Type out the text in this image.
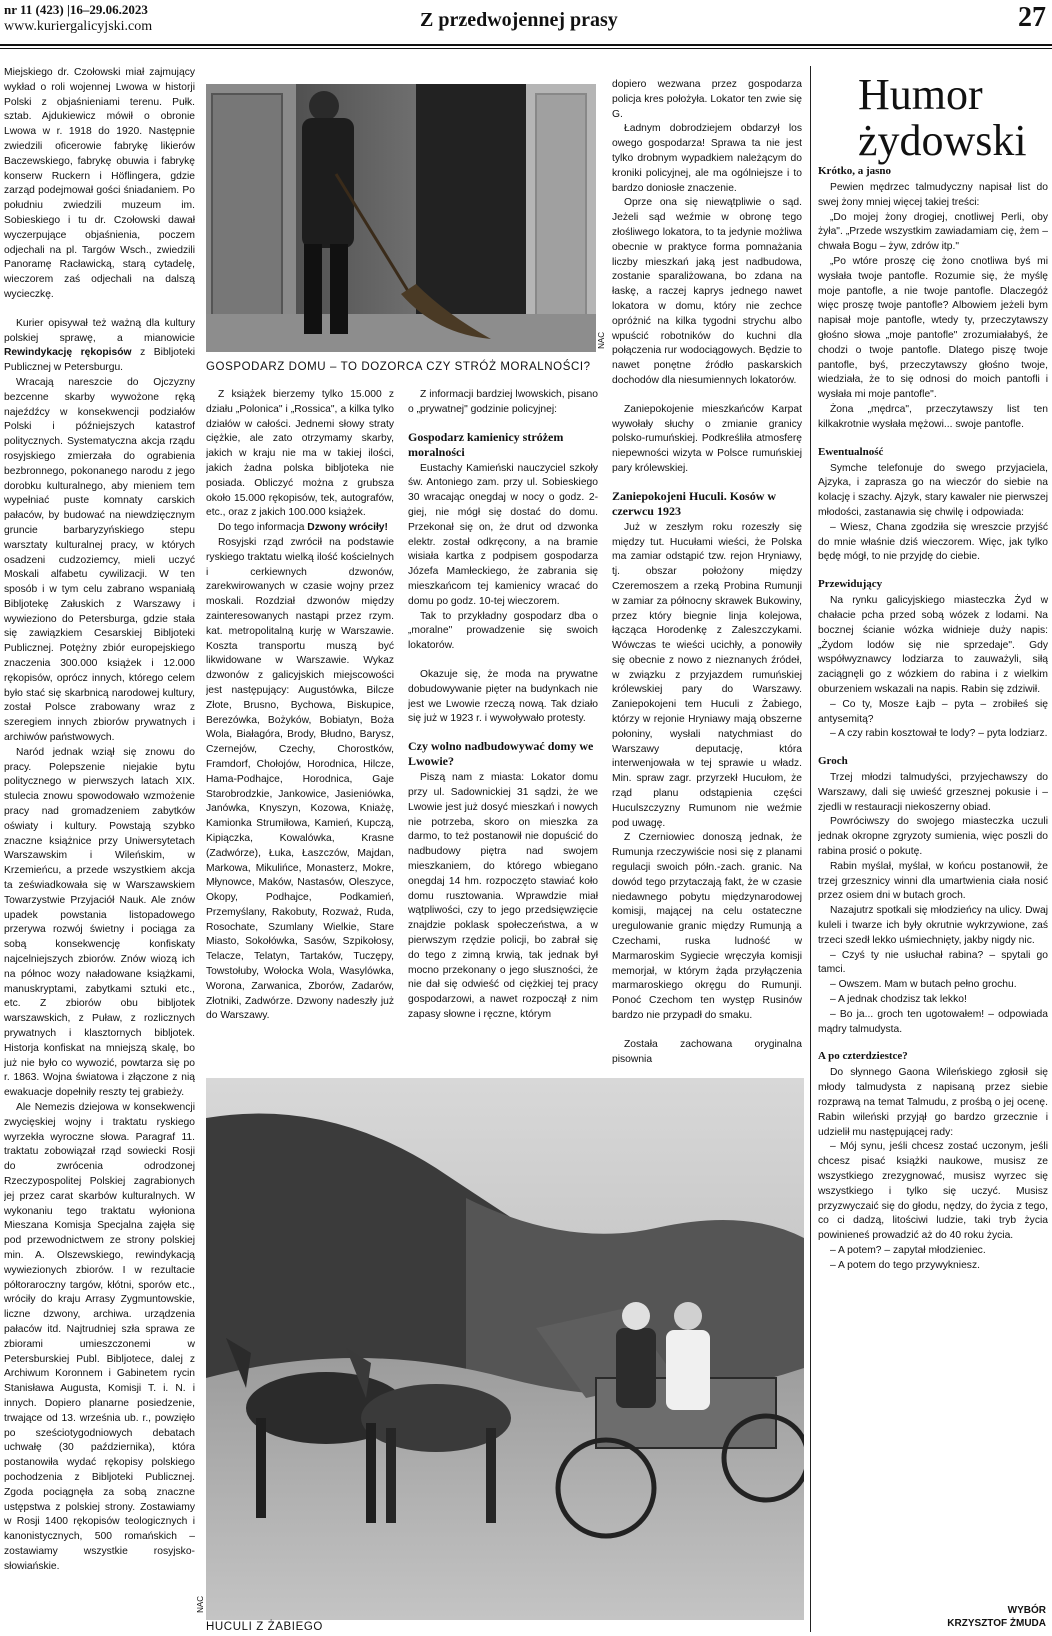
nr 11 (423) |16–29.06.2023
www.kuriergalicyjski.com	Z przedwojennej prasy	27

Miejskiego dr. Czołowski miał zajmujący wykład o roli wojennej Lwowa w historji Polski z objaśnieniami terenu. Pułk. sztab. Ajdukiewicz mówił o obronie Lwowa w r. 1918 do 1920. Następnie zwiedzili oficerowie fabrykę likierów Baczewskiego, fabrykę obuwia i fabrykę konserw Ruckern i Höflingera, gdzie zarząd podejmował gości śniadaniem. Po południu zwiedzili muzeum im. Sobieskiego i tu dr. Czołowski dawał wyczerpujące objaśnienia, poczem odjechali na pl. Targów Wsch., zwiedzili Panoramę Racławicką, starą cytadelę, wieczorem zaś odjechali na dalszą wycieczkę.

Kurier opisywał też ważną dla kultury polskiej sprawę, a mianowicie Rewindykację rękopisów z Bibljoteki Publicznej w Petersburgu.

Wracają nareszcie do Ojczyzny bezcenne skarby wywożone ręką najeźdźcy w konsekwencji podziałów Polski i późniejszych katastrof politycznych. Systematyczna akcja rządu rosyjskiego zmierzała do ograbienia bezbronnego, pokonanego narodu z jego dorobku kulturalnego, aby mieniem tem wypełniać puste komnaty carskich pałaców, by budować na niewdzięcznym gruncie barbaryzyńskiego stepu warsztaty kulturalnej pracy, w których osadzeni cudzoziemcy, mieli uczyć Moskali alfabetu cywilizacji. W ten sposób i w tym celu zabrano wspaniałą Bibljotekę Załuskich z Warszawy i wywieziono do Petersburga, gdzie stała się zawiązkiem Cesarskiej Bibljoteki Publicznej. Potężny zbiór europejskiego znaczenia 300.000 książek i 12.000 rękopisów, oprócz innych, którego celem było stać się skarbnicą narodowej kultury, został Polsce zrabowany wraz z szeregiem innych zbiorów prywatnych i archiwów państwowych.

Naród jednak wziął się znowu do pracy. Polepszenie niejakie bytu politycznego w pierwszych latach XIX. stulecia znowu spowodowało wzmożenie pracy nad gromadzeniem zabytków oświaty i kultury. Powstają szybko znaczne książnice przy Uniwersytetach Warszawskim i Wileńskim, w Krzemieńcu, a przede wszystkiem akcja ta zeświadkowała się w Warszawskiem Towarzystwie Przyjaciół Nauk. Ale znów upadek powstania listopadowego przerywa rozwój świetny i pociąga za sobą konsekwencję konfiskaty najcelniejszych zbiorów. Znów wiozą ich na północ wozy naładowane książkami, manuskryptami, zabytkami sztuki etc., etc. Z zbiorów obu bibljotek warszawskich, z Puław, z rozlicznych prywatnych i klasztornych bibljotek. Historja konfiskat na mniejszą skalę, bo już nie było co wywozić, powtarza się po r. 1863. Wojna światowa i złączone z nią ewakuacje dopełniły reszty tej grabieży.

Ale Nemezis dziejowa w konsekwencji zwycięskiej wojny i traktatu ryskiego wyrzekła wyroczne słowa. Paragraf 11. traktatu zobowiązał rząd sowiecki Rosji do zwrócenia odrodzonej Rzeczypospolitej Polskiej zagrabionych jej przez carat skarbów kulturalnych. W wykonaniu tego traktatu wyłoniona Mieszana Komisja Specjalna zajęła się pod przewodnictwem ze strony polskiej min. A. Olszewskiego, rewindykacją wywiezionych zbiorów. I w rezultacie półtoraroczny targów, kłótni, sporów etc., wróciły do kraju Arrasy Zygmuntowskie, liczne dzwony, archiwa. urządzenia pałaców itd. Najtrudniej szła sprawa ze zbiorami umieszczonemi w Petersburskiej Publ. Bibljotece, dalej z Archiwum Koronnem i Gabinetem rycin Stanisława Augusta, Komisji T. i. N. i innych. Dopiero planarne posiedzenie, trwające od 13. września ub. r., powzięło po sześciotygodniowych debatach uchwałę (30 października), która postanowiła wydać rękopisy polskiego pochodzenia z Bibljoteki Publicznej. Zgoda pociągnęła za sobą znaczne ustępstwa z polskiej strony. Zostawiamy w Rosji 1400 rękopisów teologicznych i kanonistycznych, 500 romańskich – zostawiamy wszystkie rosyjsko-słowiańskie.

NAC
GOSPODARZ DOMU – TO DOZORCA CZY STRÓŻ MORALNOŚCI?

Z książek bierzemy tylko 15.000 z działu „Polonica" i „Rossica", a kilka tylko działów w całości. Jednemi słowy straty ciężkie, ale zato otrzymamy skarby, jakich w kraju nie ma w takiej ilości, jakich żadna polska bibljoteka nie posiada. Obliczyć można z grubsza około 15.000 rękopisów, tek, autografów, etc., oraz z jakich 100.000 książek.

Do tego informacja Dzwony wróciły!

Rosyjski rząd zwrócił na podstawie ryskiego traktatu wielką ilość kościelnych i cerkiewnych dzwonów, zarekwirowanych w czasie wojny przez moskali. Rozdział dzwonów między zainteresowanych nastąpi przez rzym. kat. metropolitalną kurję w Warszawie. Koszta transportu muszą być likwidowane w Warszawie. Wykaz dzwonów z galicyjskich miejscowości jest następujący: Augustówka, Bilcze Złote, Brusno, Bychowa, Biskupice, Berezówka, Bożyków, Bobiatyn, Boża Wola, Białagóra, Brody, Błudno, Barysz, Czernejów, Czechy, Chorostków, Framdorf, Chołojów, Horodnica, Hilcze, Hama-Podhajce, Horodnica, Gaje Starobrodzkie, Jankowice, Jasieniówka, Janówka, Knyszyn, Kozowa, Kniażę, Kamionka Strumiłowa, Kamień, Kupczą, Kipiączka, Kowalówka, Krasne (Zadwórze), Łuka, Łaszczów, Majdan, Markowa, Mikulińce, Monasterz, Mokre, Młynowce, Maków, Nastasów, Oleszyce, Okopy, Podhajce, Podkamień, Przemyślany, Rakobuty, Rozważ, Ruda, Rosochate, Szumlany Wielkie, Stare Miasto, Sokołówka, Sasów, Szpikołosy, Telacze, Telatyn, Tartaków, Tuczępy, Towstołuby, Wołocka Wola, Wasylówka, Worona, Zarwanica, Zborów, Zadarów, Złotniki, Zadwórze. Dzwony nadeszły już do Warszawy.

Z informacji bardziej lwowskich, pisano o „prywatnej" godzinie policyjnej:

Gospodarz kamienicy stróżem moralności

Eustachy Kamieński nauczyciel szkoły św. Antoniego zam. przy ul. Sobieskiego 30 wracając onegdaj w nocy o godz. 2-giej, nie mógł się dostać do domu. Przekonał się on, że drut od dzwonka elektr. został odkręcony, a na bramie wisiała kartka z podpisem gospodarza Józefa Mamłeckiego, że zabrania się mieszkańcom tej kamienicy wracać do domu po godz. 10-tej wieczorem.

Tak to przykładny gospodarz dba o „moralne" prowadzenie się swoich lokatorów.

Okazuje się, że moda na prywatne dobudowywanie pięter na budynkach nie jest we Lwowie rzeczą nową. Tak działo się już w 1923 r. i wywoływało protesty.

Czy wolno nadbudowywać domy we Lwowie?

Piszą nam z miasta: Lokator domu przy ul. Sadownickiej 31 sądzi, że we Lwowie jest już dosyć mieszkań i nowych nie potrzeba, skoro on mieszka za darmo, to też postanowił nie dopuścić do nadbudowy piętra nad swojem mieszkaniem, do którego wbiegano onegdaj 14 hm. rozpoczęto stawiać koło domu rusztowania. Wprawdzie miał wątpliwości, czy to jego przedsięwzięcie znajdzie poklask społeczeństwa, a w pierwszym rzędzie policji, bo zabrał się do tego z zimną krwią, tak jednak był mocno przekonany o jego słuszności, że nie dał się odwieść od ciężkiej tej pracy gospodarzowi, a nawet rozpoczął z nim zapasy słowne i ręczne, którym

dopiero wezwana przez gospodarza policja kres położyła. Lokator ten zwie się G.

Ładnym dobrodziejem obdarzył los owego gospodarza! Sprawa ta nie jest tylko drobnym wypadkiem należącym do kroniki policyjnej, ale ma ogólniejsze i to bardzo doniosłe znaczenie.

Oprze ona się niewątpliwie o sąd. Jeżeli sąd weźmie w obronę tego złośliwego lokatora, to ta jedynie możliwa obecnie w praktyce forma pomnażania liczby mieszkań jaką jest nadbudowa, zostanie sparaliżowana, bo zdana na łaskę, a raczej kaprys jednego nawet lokatora w domu, który nie zechce opróżnić na kilka tygodni strychu albo wpuścić robotników do kuchni dla połączenia rur wodociągowych. Będzie to nawet ponętne źródło paskarskich dochodów dla niesumiennych lokatorów.

Zaniepokojenie mieszkańców Karpat wywołały słuchy o zmianie granicy polsko-rumuńskiej. Podkreśliła atmosferę niepewności wizyta w Polsce rumuńskiej pary królewskiej.

Zaniepokojeni Huculi. Kosów w czerwcu 1923

Już w zeszłym roku rozeszły się między tut. Hucułami wieści, że Polska ma zamiar odstąpić tzw. rejon Hryniawy, tj. obszar położony między Czeremoszem a rzeką Probina Rumunji w zamiar za północny skrawek Bukowiny, przez który biegnie linja kolejowa, łącząca Horodenkę z Zaleszczykami. Wówczas te wieści ucichły, a ponowiły się obecnie z nowo z nieznanych źródeł, w związku z przyjazdem rumuńskiej królewskiej pary do Warszawy. Zaniepokojeni tem Huculi z Żabiego, którzy w rejonie Hryniawy mają obszerne połoniny, wysłali natychmiast do Warszawy deputację, która interwenjowała w tej sprawie u władz. Min. spraw zagr. przyrzekł Hucułom, że rząd planu odstąpienia części Huculszczyzny Rumunom nie weźmie pod uwagę.

Z Czerniowiec donoszą jednak, że Rumunja rzeczywiście nosi się z planami regulacji swoich półn.-zach. granic. Na dowód tego przytaczają fakt, że w czasie niedawnego pobytu międzynarodowej komisji, mającej na celu ostateczne uregulowanie granic między Rumunją a Czechami, ruska ludność w Marmaroskim Sygiecie wręczyła komisji memorjał, w którym żąda przyłączenia marmaroskiego okręgu do Rumunji. Ponoć Czechom ten występ Rusinów bardzo nie przypadł do smaku.

Została zachowana oryginalna pisownia

NAC
HUCULI Z ŻABIEGO
Humor żydowski
Krótko, a jasno

Pewien mędrzec talmudyczny napisał list do swej żony mniej więcej takiej treści:

„Do mojej żony drogiej, cnotliwej Perli, oby żyła". „Przede wszystkim zawiadamiam cię, żem – chwała Bogu – żyw, zdrów itp."

„Po wtóre proszę cię żono cnotliwa byś mi wysłała twoje pantofle. Rozumie się, że myślę moje pantofle, a nie twoje pantofle. Dlaczegóż więc proszę twoje pantofle? Albowiem jeżeli bym napisał moje pantofle, wtedy ty, przeczytawszy głośno słowa „moje pantofle" zrozumiałabyś, że chodzi o twoje pantofle. Dlatego piszę twoje pantofle, byś, przeczytawszy głośno twoje, wiedziała, że to się odnosi do moich pantofli i wysłała mi moje pantofle".

Żona „mędrca", przeczytawszy list ten kilkakrotnie wysłała mężowi... swoje pantofle.

Ewentualność

Symche telefonuje do swego przyjaciela, Ajzyka, i zaprasza go na wieczór do siebie na kolację i szachy. Ajzyk, stary kawaler nie pierwszej młodości, zastanawia się chwilę i odpowiada:

– Wiesz, Chana zgodziła się wreszcie przyjść do mnie właśnie dziś wieczorem. Więc, jak tylko będę mógł, to nie przyjdę do ciebie.

Przewidujący

Na rynku galicyjskiego miasteczka Żyd w chałacie pcha przed sobą wózek z lodami. Na bocznej ścianie wózka widnieje duży napis: „Żydom lodów się nie sprzedaje". Gdy współwyznawcy lodziarza to zauważyli, siłą zaciągnęli go z wózkiem do rabina i z wielkim oburzeniem wskazali na napis. Rabin się zdziwił.

– Co ty, Mosze Łajb – pyta – zrobiłeś się antysemitą?

– A czy rabin kosztował te lody? – pyta lodziarz.

Groch

Trzej młodzi talmudyści, przyjechawszy do Warszawy, dali się uwieść grzesznej pokusie i – zjedli w restauracji niekoszerny obiad.

Powróciwszy do swojego miasteczka uczuli jednak okropne zgryzoty sumienia, więc poszli do rabina prosić o pokutę.

Rabin myślał, myślał, w końcu postanowił, że trzej grzesznicy winni dla umartwienia ciała nosić przez osiem dni w butach groch.

Nazajutrz spotkali się młodzieńcy na ulicy. Dwaj kuleli i twarze ich były okrutnie wykrzywione, zaś trzeci szedł lekko uśmiechnięty, jakby nigdy nic.

– Czyś ty nie usłuchał rabina? – spytali go tamci.

– Owszem. Mam w butach pełno grochu.

– A jednak chodzisz tak lekko!

– Bo ja... groch ten ugotowałem! – odpowiada mądry talmudysta.

A po czterdziestce?

Do słynnego Gaona Wileńskiego zgłosił się młody talmudysta z napisaną przez siebie rozprawą na temat Talmudu, z prośbą o jej ocenę. Rabin wileński przyjął go bardzo grzecznie i udzielił mu następującej rady:

– Mój synu, jeśli chcesz zostać uczonym, jeśli chcesz pisać książki naukowe, musisz ze wszystkiego zrezygnować, musisz wyrzec się wszystkiego i tylko się uczyć. Musisz przyzwyczaić się do głodu, nędzy, do życia z tego, co ci dadzą, litościwi ludzie, taki tryb życia powinieneś prowadzić aż do 40 roku życia.

– A potem? – zapytał młodzieniec.

– A potem do tego przywykniesz.

WYBÓR
KRZYSZTOF ŻMUDA
